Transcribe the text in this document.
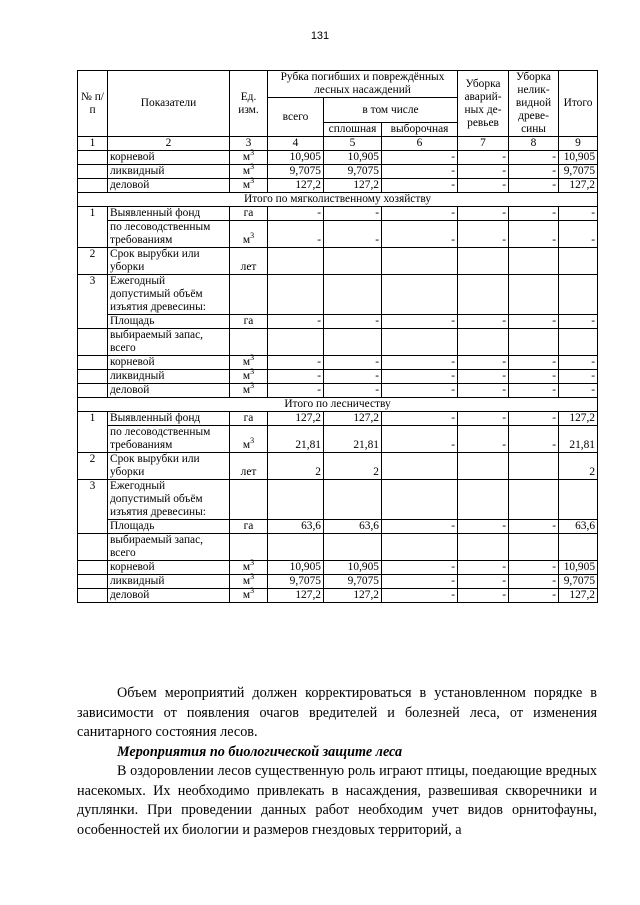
131
№ п/п	Показатели	Ед. изм.	Рубка погибших и повреждённых лесных насаждений			Уборка аварий-ных де-ревьев	Уборка нелик-видной древе-сины	Итого
			всего	в том числе				
				сплошная	выборочная			
1	2	3	4	5	6	7	8	9
	корневой	$м^3$	10,905	10,905	-	-	-	10,905
	ликвидный	$м^3$	9,7075	9,7075	-	-	-	9,7075
	деловой	$м^3$	127,2	127,2	-	-	-	127,2
Итого по мягколиственному хозяйству								
1	Выявленный фонд	га	-	-	-	-	-	-
	по лесоводственным требованиям	$м^3$	-	-	-	-	-	-
2	Срок вырубки или уборки	лет						
3	Ежегодный допустимый объём изъятия древесины:							
	Площадь	га	-	-	-	-	-	-
	выбираемый запас, всего							
	корневой	$м^3$	-	-	-	-	-	-
	ликвидный	$м^3$	-	-	-	-	-	-
	деловой	$м^3$	-	-	-	-	-	-
Итого по лесничеству								
1	Выявленный фонд	га	127,2	127,2	-	-	-	127,2
	по лесоводственным требованиям	$м^3$	21,81	21,81	-	-	-	21,81
2	Срок вырубки или уборки	лет	2	2				2
3	Ежегодный допустимый объём изъятия древесины:							
	Площадь	га	63,6	63,6	-	-	-	63,6
	выбираемый запас, всего							
	корневой	$м^3$	10,905	10,905	-	-	-	10,905
	ликвидный	$м^3$	9,7075	9,7075	-	-	-	9,7075
	деловой	$м^3$	127,2	127,2	-	-	-	127,2

Объем мероприятий должен корректироваться в установленном порядке в зависимости от появления очагов вредителей и болезней леса, от изменения санитарного состояния лесов.

Мероприятия по биологической защите леса

В оздоровлении лесов существенную роль играют птицы, поедающие вредных насекомых. Их необходимо привлекать в насаждения, развешивая скворечники и дуплянки. При проведении данных работ необходим учет видов орнитофауны, особенностей их биологии и размеров гнездовых территорий, а
